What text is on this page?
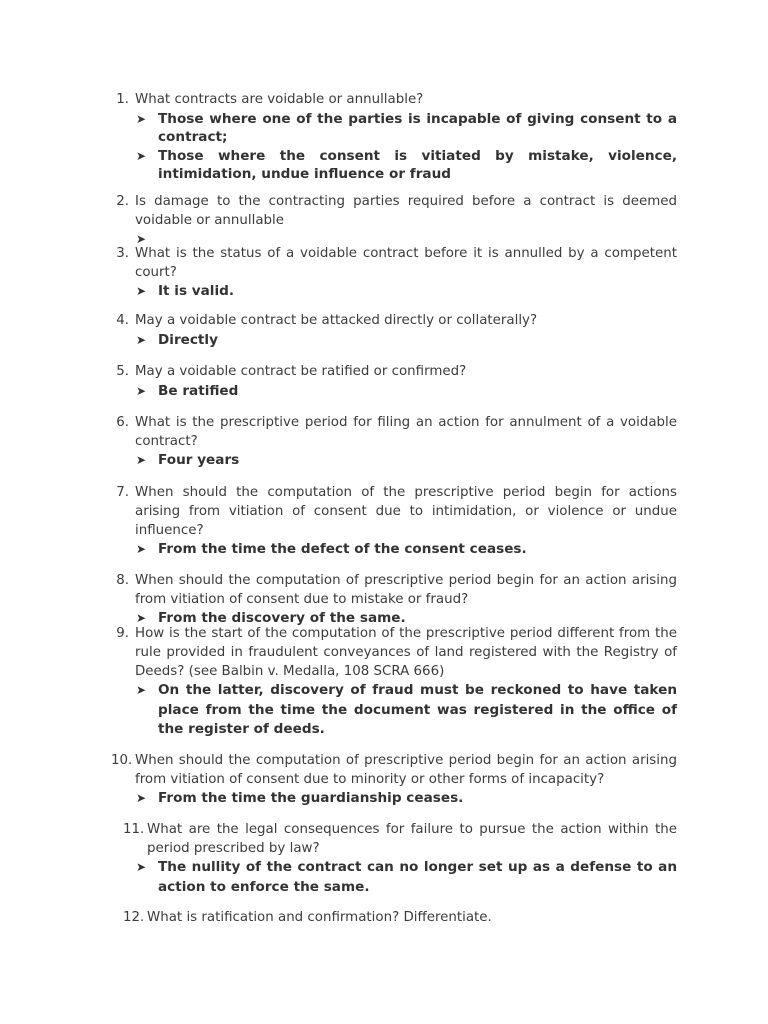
1. What contracts are voidable or annullable?
➤ Those where one of the parties is incapable of giving consent to a contract;
➤ Those where the consent is vitiated by mistake, violence, intimidation, undue influence or fraud
2. Is damage to the contracting parties required before a contract is deemed voidable or annullable
➤
3. What is the status of a voidable contract before it is annulled by a competent court?
➤ It is valid.
4. May a voidable contract be attacked directly or collaterally?
➤ Directly
5. May a voidable contract be ratified or confirmed?
➤ Be ratified
6. What is the prescriptive period for filing an action for annulment of a voidable contract?
➤ Four years
7. When should the computation of the prescriptive period begin for actions arising from vitiation of consent due to intimidation, or violence or undue influence?
➤ From the time the defect of the consent ceases.
8. When should the computation of prescriptive period begin for an action arising from vitiation of consent due to mistake or fraud?
➤ From the discovery of the same.
9. How is the start of the computation of the prescriptive period different from the rule provided in fraudulent conveyances of land registered with the Registry of Deeds? (see Balbin v. Medalla, 108 SCRA 666)
➤ On the latter, discovery of fraud must be reckoned to have taken place from the time the document was registered in the office of the register of deeds.
10. When should the computation of prescriptive period begin for an action arising from vitiation of consent due to minority or other forms of incapacity?
➤ From the time the guardianship ceases.
11. What are the legal consequences for failure to pursue the action within the period prescribed by law?
➤ The nullity of the contract can no longer set up as a defense to an action to enforce the same.
12. What is ratification and confirmation? Differentiate.
